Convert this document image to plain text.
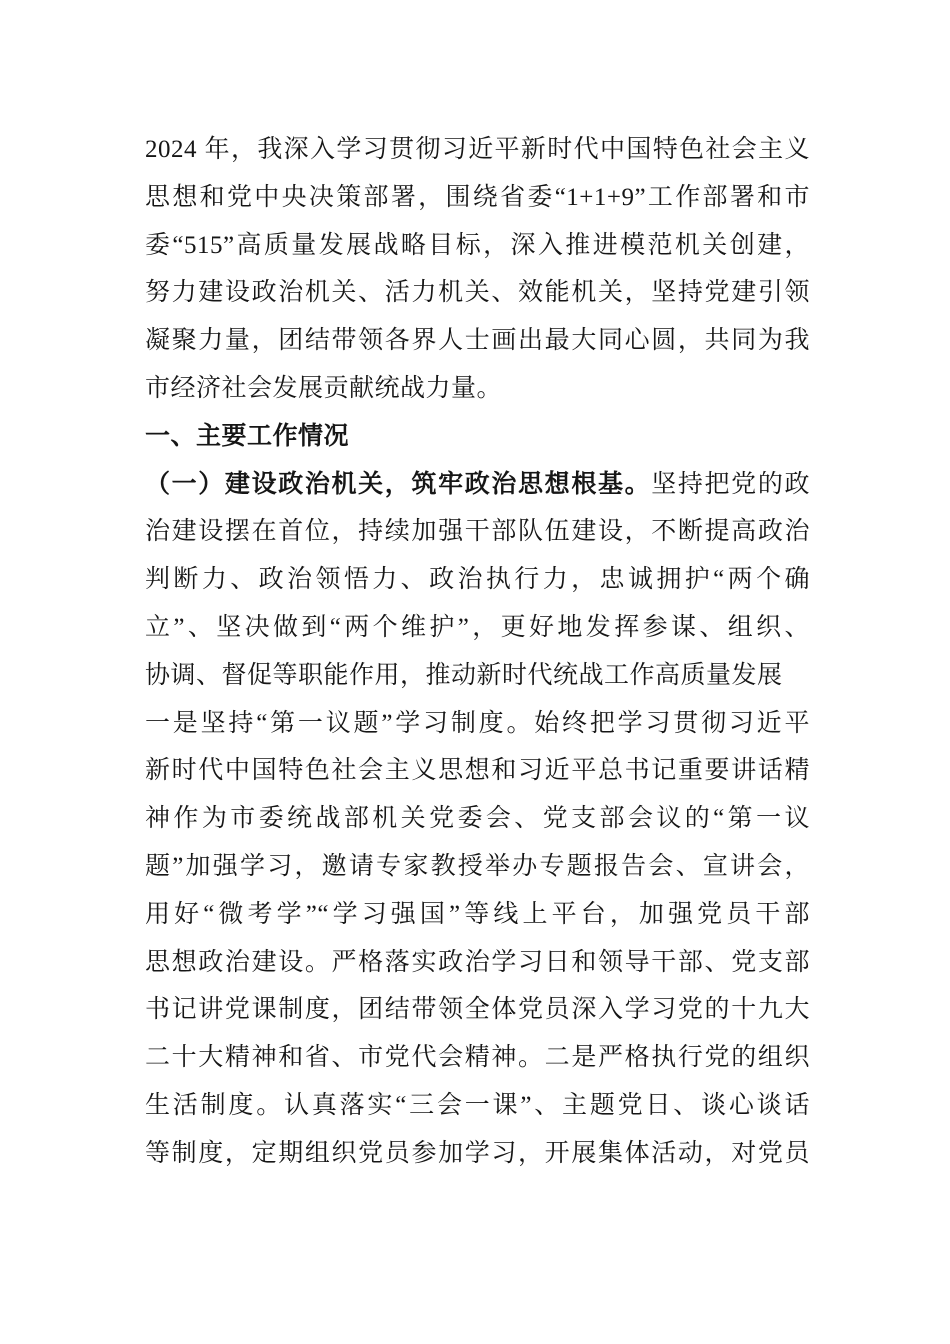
2024 年，我深入学习贯彻习近平新时代中国特色社会主义
思想和党中央决策部署，围绕省委“1+1+9”工作部署和市
委“515”高质量发展战略目标，深入推进模范机关创建，
努力建设政治机关、活力机关、效能机关，坚持党建引领
凝聚力量，团结带领各界人士画出最大同心圆，共同为我
市经济社会发展贡献统战力量。
一、主要工作情况
（一）建设政治机关，筑牢政治思想根基。坚持把党的政
治建设摆在首位，持续加强干部队伍建设，不断提高政治
判断力、政治领悟力、政治执行力，忠诚拥护“两个确
立”、坚决做到“两个维护”，更好地发挥参谋、组织、
协调、督促等职能作用，推动新时代统战工作高质量发展
一是坚持“第一议题”学习制度。始终把学习贯彻习近平
新时代中国特色社会主义思想和习近平总书记重要讲话精
神作为市委统战部机关党委会、党支部会议的“第一议
题”加强学习，邀请专家教授举办专题报告会、宣讲会，
用好“微考学”“学习强国”等线上平台，加强党员干部
思想政治建设。严格落实政治学习日和领导干部、党支部
书记讲党课制度，团结带领全体党员深入学习党的十九大
二十大精神和省、市党代会精神。二是严格执行党的组织
生活制度。认真落实“三会一课”、主题党日、谈心谈话
等制度，定期组织党员参加学习，开展集体活动，对党员
